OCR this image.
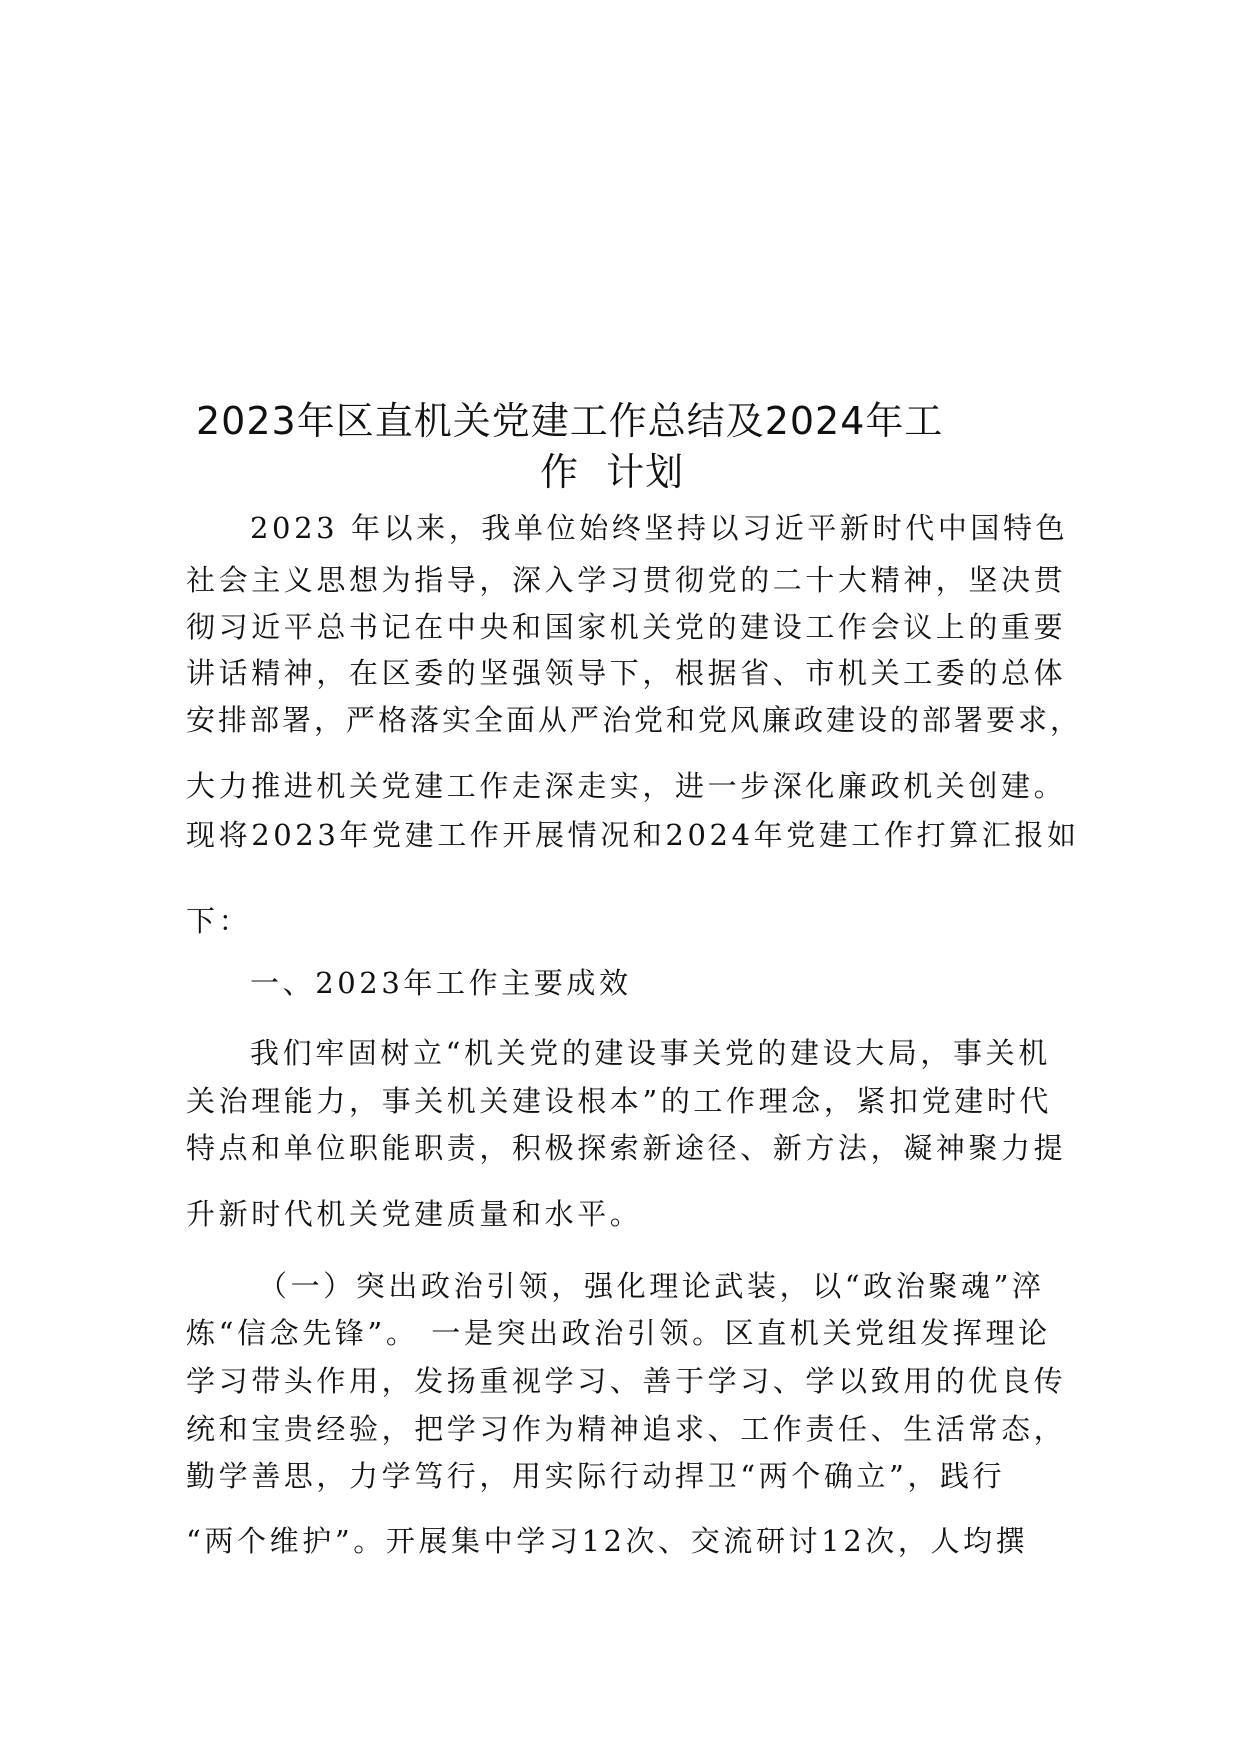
2023年区直机关党建工作总结及2024年工
作 计划
2023 年以来，我单位始终坚持以习近平新时代中国特色
社会主义思想为指导，深入学习贯彻党的二十大精神，坚决贯
彻习近平总书记在中央和国家机关党的建设工作会议上的重要
讲话精神，在区委的坚强领导下，根据省、市机关工委的总体
安排部署，严格落实全面从严治党和党风廉政建设的部署要求，
大力推进机关党建工作走深走实，进一步深化廉政机关创建。
现将2023年党建工作开展情况和2024年党建工作打算汇报如
下：
一、2023年工作主要成效
我们牢固树立“机关党的建设事关党的建设大局，事关机
关治理能力，事关机关建设根本”的工作理念，紧扣党建时代
特点和单位职能职责，积极探索新途径、新方法，凝神聚力提
升新时代机关党建质量和水平。
（一）突出政治引领，强化理论武装，以“政治聚魂”淬
炼“信念先锋”。 一是突出政治引领。区直机关党组发挥理论
学习带头作用，发扬重视学习、善于学习、学以致用的优良传
统和宝贵经验，把学习作为精神追求、工作责任、生活常态，
勤学善思，力学笃行，用实际行动捍卫“两个确立”，践行
“两个维护”。开展集中学习12次、交流研讨12次，人均撰
